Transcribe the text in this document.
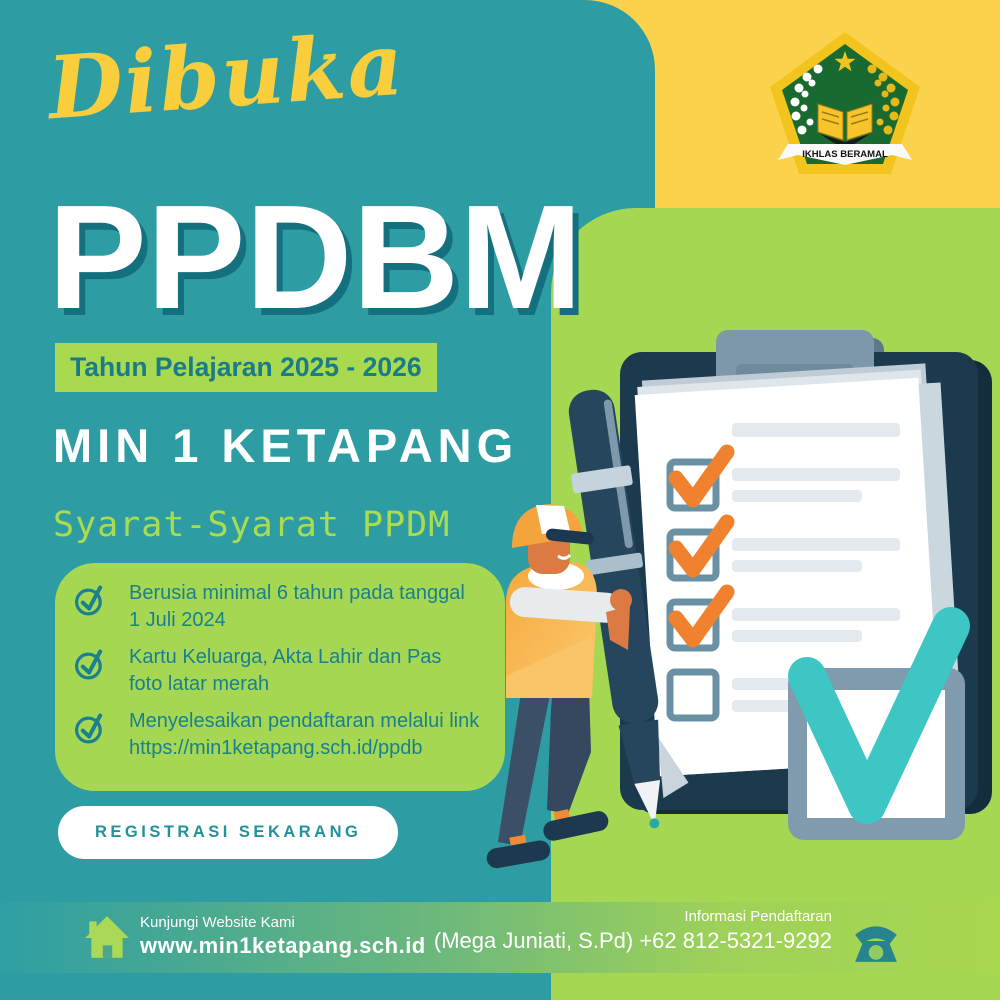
Dibuka
PPDBM
Tahun Pelajaran 2025 - 2026
MIN 1 KETAPANG
Syarat-Syarat PPDM
Berusia minimal 6 tahun pada tanggal
1 Juli 2024
Kartu Keluarga, Akta Lahir dan Pas
foto latar merah
Menyelesaikan pendaftaran melalui link
https://min1ketapang.sch.id/ppdb
REGISTRASI SEKARANG
IKHLAS BERAMAL
Kunjungi Website Kami
www.min1ketapang.sch.id
Informasi Pendaftaran
(Mega Juniati, S.Pd) +62 812-5321-9292
